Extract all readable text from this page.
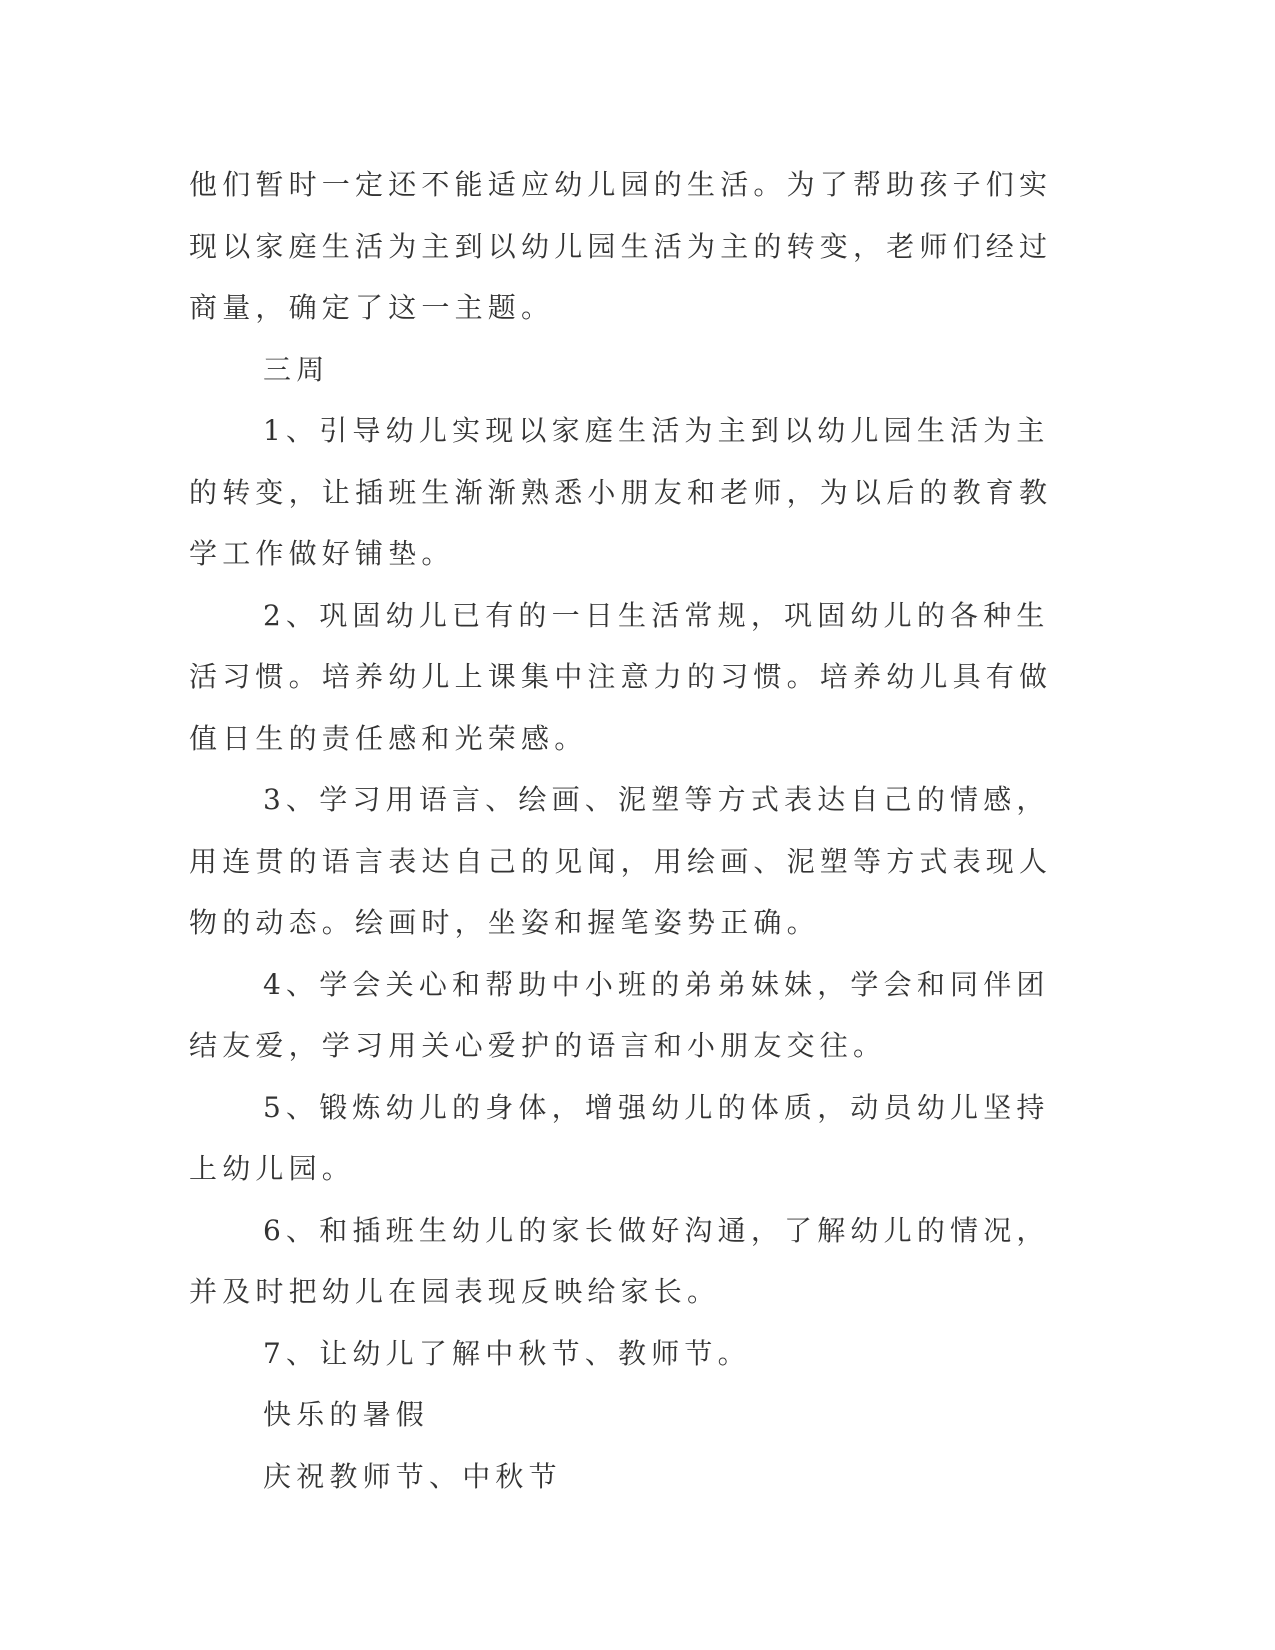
他们暂时一定还不能适应幼儿园的生活。为了帮助孩子们实现以家庭生活为主到以幼儿园生活为主的转变，老师们经过商量，确定了这一主题。

三周

1、引导幼儿实现以家庭生活为主到以幼儿园生活为主的转变，让插班生渐渐熟悉小朋友和老师，为以后的教育教学工作做好铺垫。

2、巩固幼儿已有的一日生活常规，巩固幼儿的各种生活习惯。培养幼儿上课集中注意力的习惯。培养幼儿具有做值日生的责任感和光荣感。

3、学习用语言、绘画、泥塑等方式表达自己的情感，用连贯的语言表达自己的见闻，用绘画、泥塑等方式表现人物的动态。绘画时，坐姿和握笔姿势正确。

4、学会关心和帮助中小班的弟弟妹妹，学会和同伴团结友爱，学习用关心爱护的语言和小朋友交往。

5、锻炼幼儿的身体，增强幼儿的体质，动员幼儿坚持上幼儿园。

6、和插班生幼儿的家长做好沟通，了解幼儿的情况，并及时把幼儿在园表现反映给家长。

7、让幼儿了解中秋节、教师节。

快乐的暑假

庆祝教师节、中秋节
